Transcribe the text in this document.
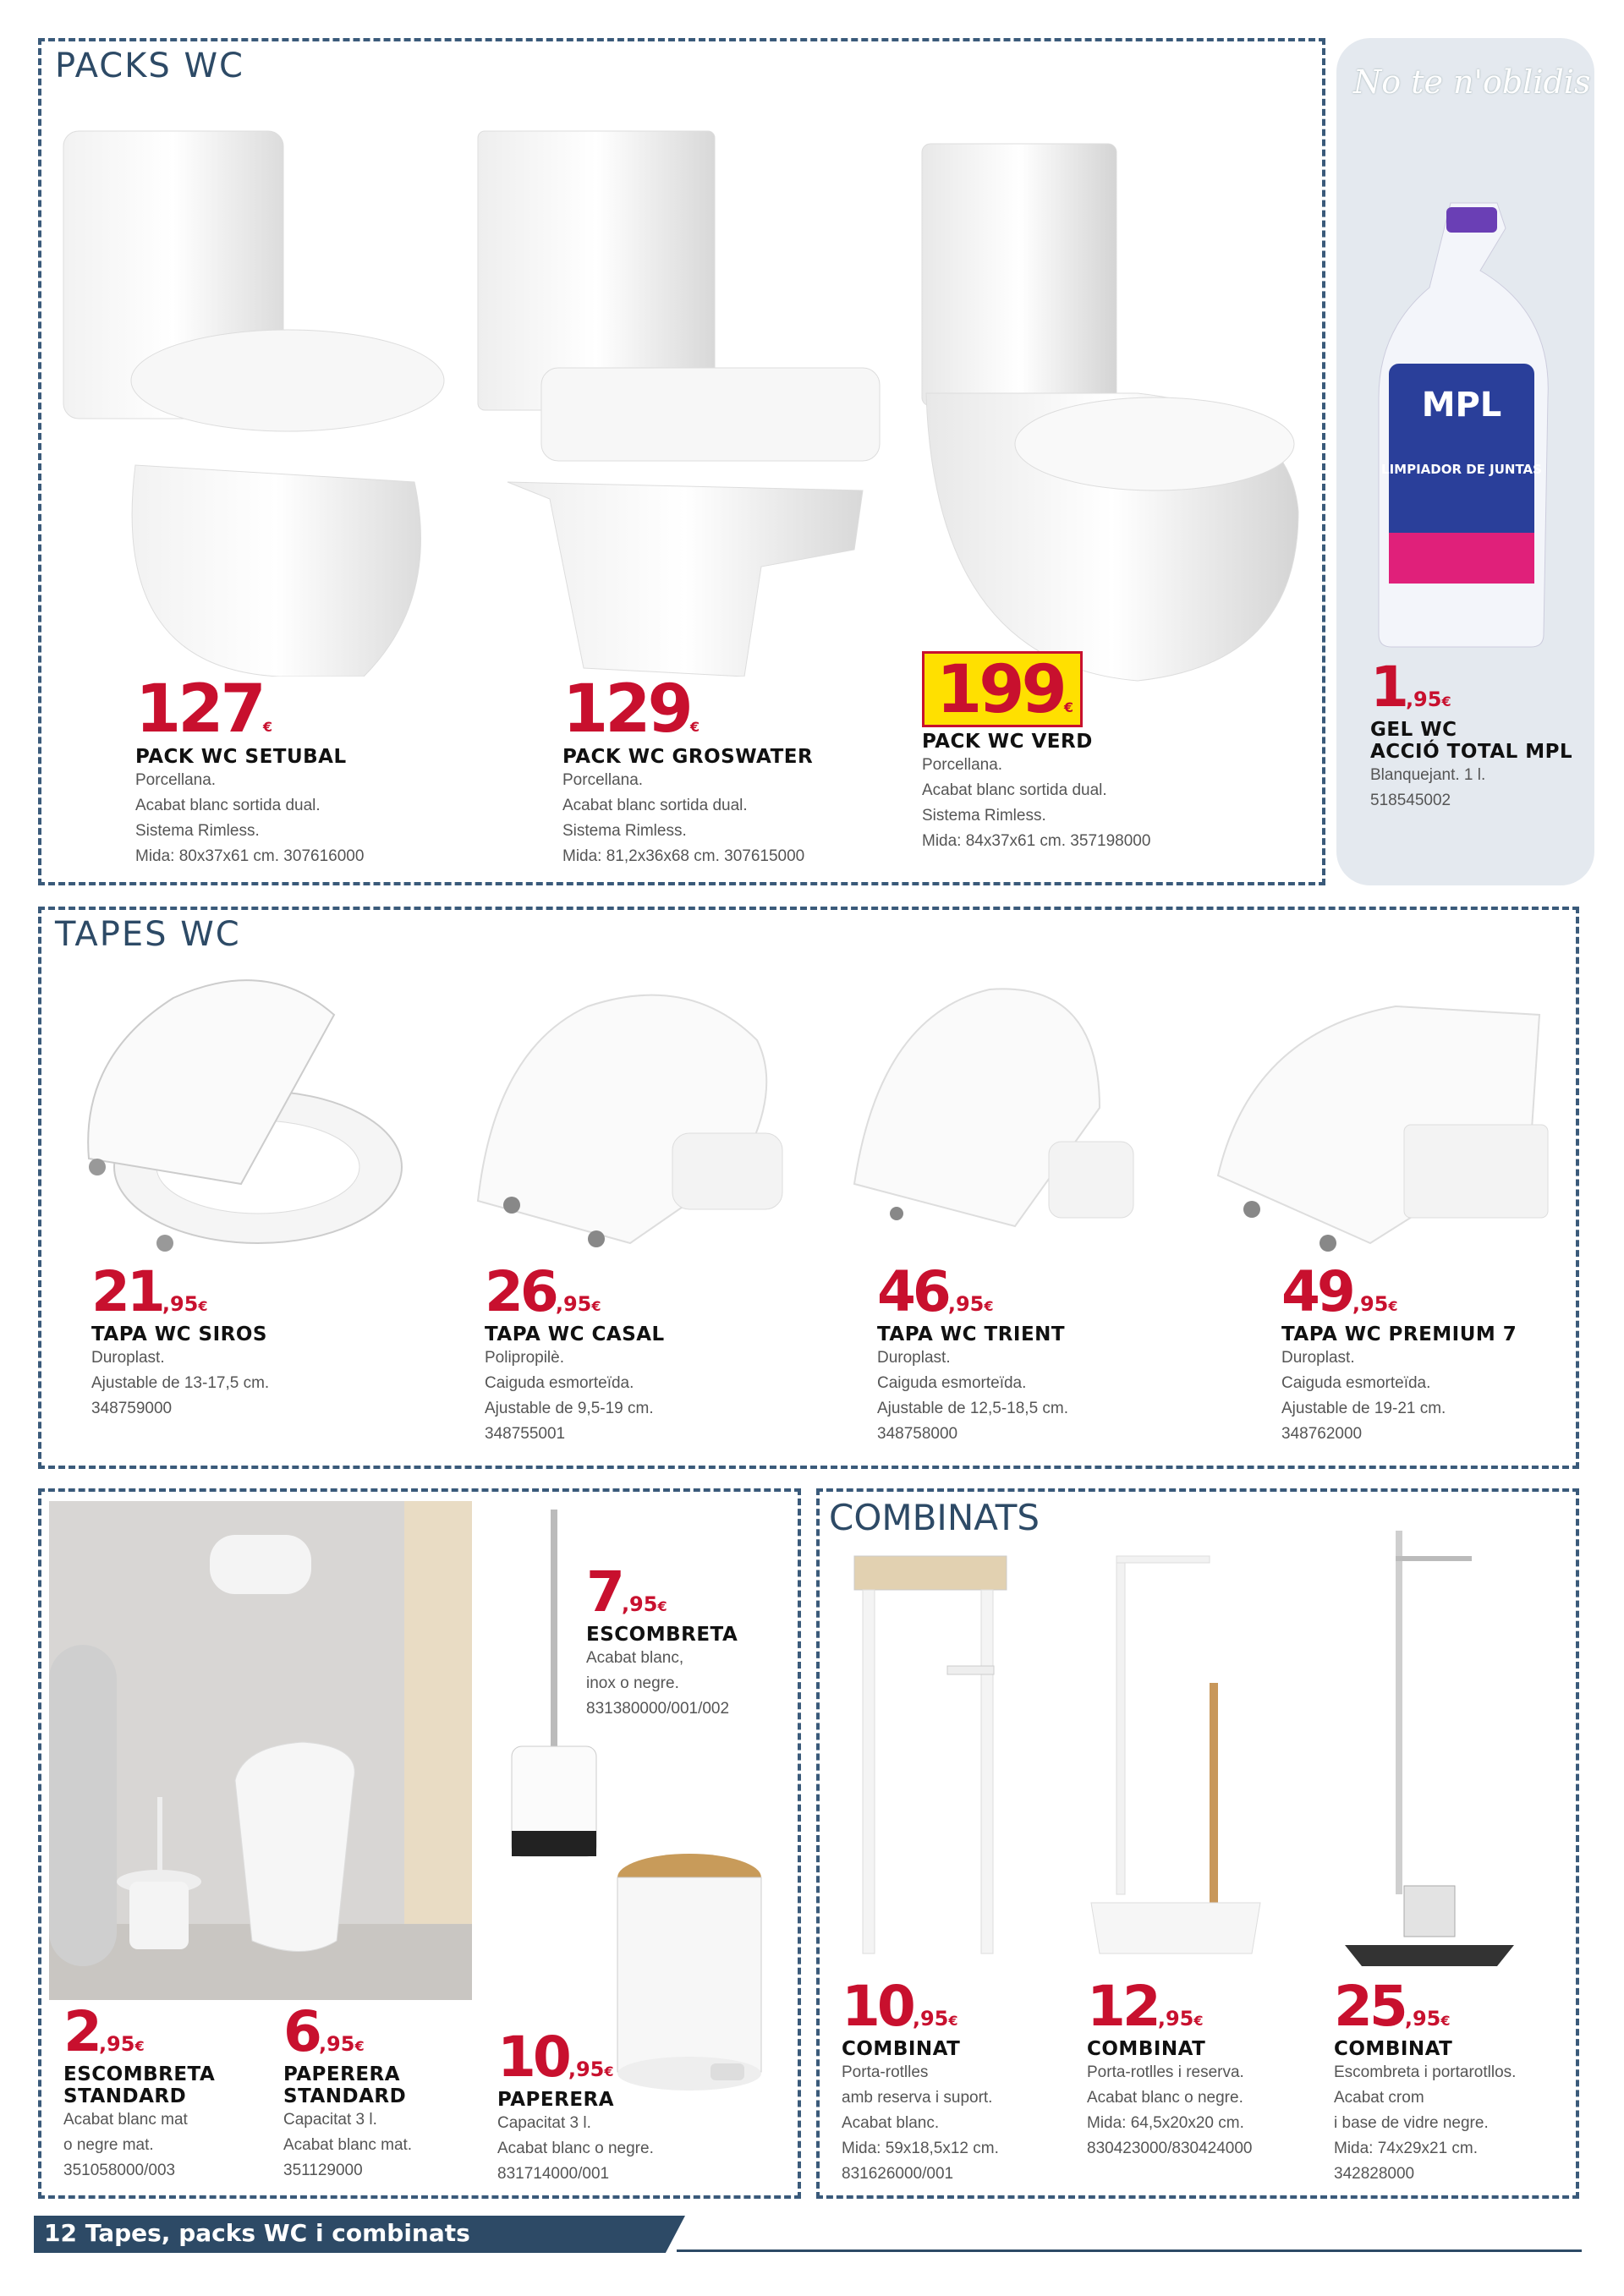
PACKS WC
127€
PACK WC SETUBAL
Porcellana.
Acabat blanc sortida dual.
Sistema Rimless.
Mida: 80x37x61 cm. 307616000
129€
PACK WC GROSWATER
Porcellana.
Acabat blanc sortida dual.
Sistema Rimless.
Mida: 81,2x36x68 cm. 307615000
199€
PACK WC VERD
Porcellana.
Acabat blanc sortida dual.
Sistema Rimless.
Mida: 84x37x61 cm. 357198000
No te n'oblidis
MPL
LIMPIADOR DE JUNTAS
1,95€
GEL WC
ACCIÓ TOTAL MPL
Blanquejant. 1 l.
518545002
TAPES WC
21,95€
TAPA WC SIROS
Duroplast.
Ajustable de 13-17,5 cm.
348759000
26,95€
TAPA WC CASAL
Polipropilè.
Caiguda esmorteïda.
Ajustable de 9,5-19 cm.
348755001
46,95€
TAPA WC TRIENT
Duroplast.
Caiguda esmorteïda.
Ajustable de 12,5-18,5 cm.
348758000
49,95€
TAPA WC PREMIUM 7
Duroplast.
Caiguda esmorteïda.
Ajustable de 19-21 cm.
348762000
2,95€
ESCOMBRETA
STANDARD
Acabat blanc mat
o negre mat.
351058000/003
6,95€
PAPERERA
STANDARD
Capacitat 3 l.
Acabat blanc mat.
351129000
10,95€
PAPERERA
Capacitat 3 l.
Acabat blanc o negre.
831714000/001
7,95€
ESCOMBRETA
Acabat blanc,
inox o negre.
831380000/001/002
COMBINATS
10,95€
COMBINAT
Porta-rotlles
amb reserva i suport.
Acabat blanc.
Mida: 59x18,5x12 cm.
831626000/001
12,95€
COMBINAT
Porta-rotlles i reserva.
Acabat blanc o negre.
Mida: 64,5x20x20 cm.
830423000/830424000
25,95€
COMBINAT
Escombreta i portarotllos.
Acabat crom
i base de vidre negre.
Mida: 74x29x21 cm.
342828000
12 Tapes, packs WC i combinats
